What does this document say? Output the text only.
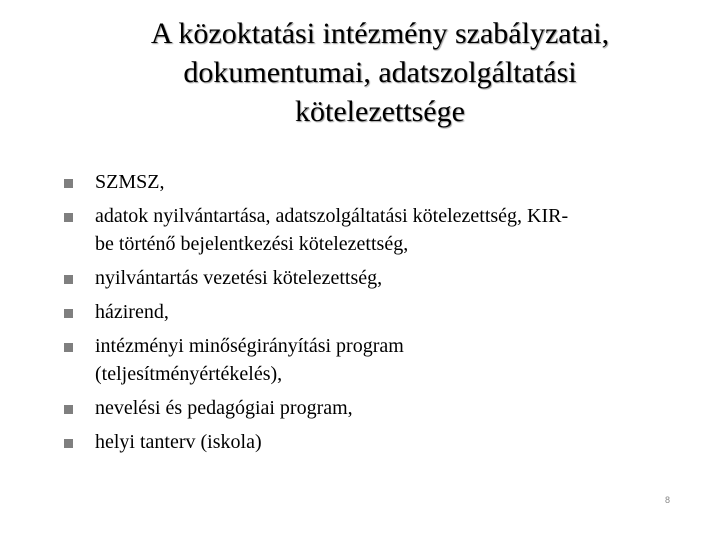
A közoktatási intézmény szabályzatai,
dokumentumai, adatszolgáltatási
kötelezettsége
SZMSZ,
adatok nyilvántartása, adatszolgáltatási kötelezettség, KIR-
be történő bejelentkezési kötelezettség,
nyilvántartás vezetési kötelezettség,
házirend,
intézményi minőségirányítási program
(teljesítményértékelés),
nevelési és pedagógiai program,
helyi tanterv (iskola)
8
